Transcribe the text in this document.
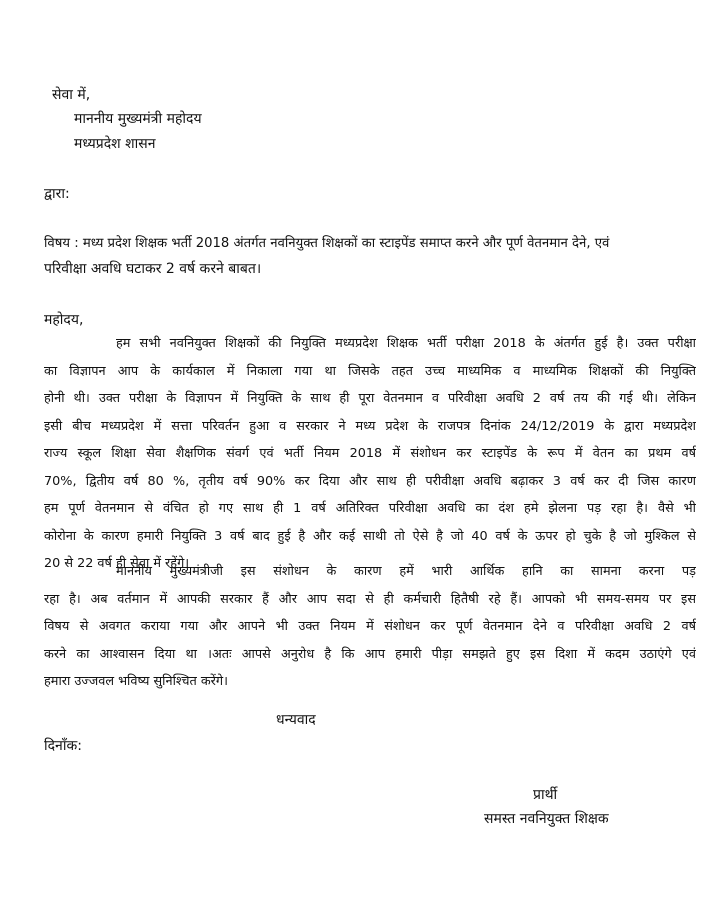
सेवा में,
माननीय मुख्यमंत्री महोदय
मध्यप्रदेश शासन
द्वारा:
विषय : मध्य प्रदेश शिक्षक भर्ती 2018 अंतर्गत नवनियुक्त शिक्षकों का स्टाइपेंड समाप्त करने और पूर्ण वेतनमान देने, एवं
परिवीक्षा अवधि घटाकर 2 वर्ष करने बाबत।
महोदय,
हम सभी नवनियुक्त शिक्षकों की नियुक्ति मध्यप्रदेश शिक्षक भर्ती परीक्षा 2018 के अंतर्गत हुई है। उक्त परीक्षा
का विज्ञापन आप के कार्यकाल में निकाला गया था जिसके तहत उच्च माध्यमिक व माध्यमिक शिक्षकों की नियुक्ति
होनी थी। उक्त परीक्षा के विज्ञापन में नियुक्ति के साथ ही पूरा वेतनमान व परिवीक्षा अवधि 2 वर्ष तय की गई थी। लेकिन
इसी बीच मध्यप्रदेश में सत्ता परिवर्तन हुआ व सरकार ने मध्य प्रदेश के राजपत्र दिनांक 24/12/2019 के द्वारा मध्यप्रदेश
राज्य स्कूल शिक्षा सेवा शैक्षणिक संवर्ग एवं भर्ती नियम 2018 में संशोधन कर स्टाइपेंड के रूप में वेतन का प्रथम वर्ष
70%, द्वितीय वर्ष 80 %, तृतीय वर्ष 90% कर दिया और साथ ही परीवीक्षा अवधि बढ़ाकर 3 वर्ष कर दी जिस कारण
हम पूर्ण वेतनमान से वंचित हो गए साथ ही 1 वर्ष अतिरिक्त परिवीक्षा अवधि का दंश हमे झेलना पड़ रहा है। वैसे भी
कोरोना के कारण हमारी नियुक्ति 3 वर्ष बाद हुई है और कई साथी तो ऐसे है जो 40 वर्ष के ऊपर हो चुके है जो मुश्किल से
20 से 22 वर्ष ही सेवा में रहेंगे।
माननीय मुख्यमंत्रीजी इस संशोधन के कारण हमें भारी आर्थिक हानि का सामना करना पड़
रहा है। अब वर्तमान में आपकी सरकार हैं और आप सदा से ही कर्मचारी हितैषी रहे हैं। आपको भी समय-समय पर इस
विषय से अवगत कराया गया और आपने भी उक्त नियम में संशोधन कर पूर्ण वेतनमान देने व परिवीक्षा अवधि 2 वर्ष
करने का आश्वासन दिया था ।अतः आपसे अनुरोध है कि आप हमारी पीड़ा समझते हुए इस दिशा में कदम उठाएंगे एवं
हमारा उज्जवल भविष्य सुनिश्चित करेंगे।
धन्यवाद
दिनाँक:
प्रार्थी
समस्त नवनियुक्त शिक्षक
